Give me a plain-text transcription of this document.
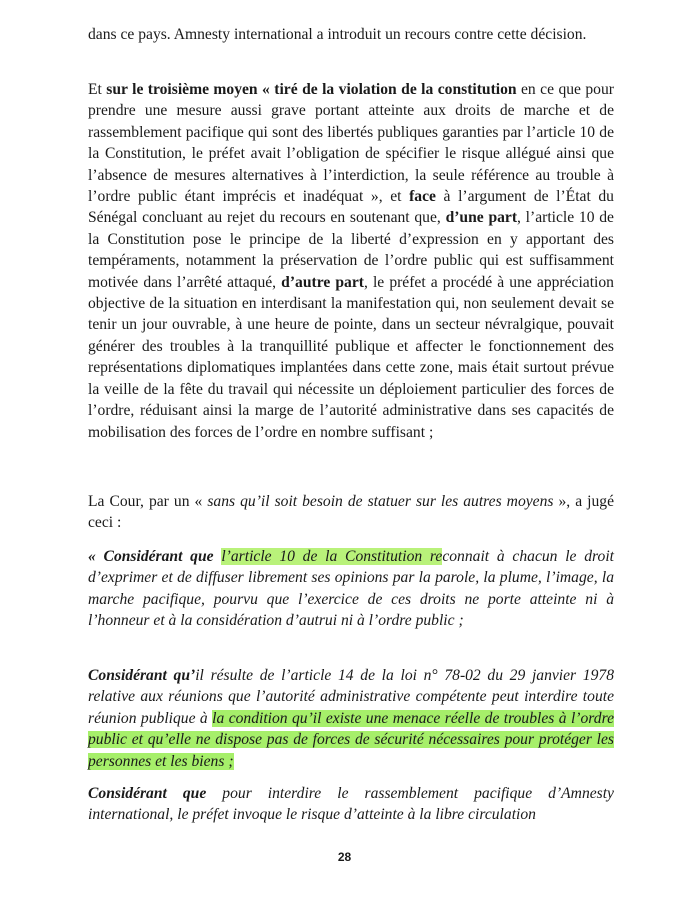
dans ce pays. Amnesty international a introduit un recours contre cette décision.

Et sur le troisième moyen « tiré de la violation de la constitution en ce que pour prendre une mesure aussi grave portant atteinte aux droits de marche et de rassemblement pacifique qui sont des libertés publiques garanties par l’article 10 de la Constitution, le préfet avait l’obligation de spécifier le risque allégué ainsi que l’absence de mesures alternatives à l’interdiction, la seule référence au trouble à l’ordre public étant imprécis et inadéquat », et face à l’argument de l’État du Sénégal concluant au rejet du recours en soutenant que, d’une part, l’article 10 de la Constitution pose le principe de la liberté d’expression en y apportant des tempéraments, notamment la préservation de l’ordre public qui est suffisamment motivée dans l’arrêté attaqué, d’autre part, le préfet a procédé à une appréciation objective de la situation en interdisant la manifestation qui, non seulement devait se tenir un jour ouvrable, à une heure de pointe, dans un secteur névralgique, pouvait générer des troubles à la tranquillité publique et affecter le fonctionnement des représentations diplomatiques implantées dans cette zone, mais était surtout prévue la veille de la fête du travail qui nécessite un déploiement particulier des forces de l’ordre, réduisant ainsi la marge de l’autorité administrative dans ses capacités de mobilisation des forces de l’ordre en nombre suffisant ;

La Cour, par un « sans qu’il soit besoin de statuer sur les autres moyens », a jugé ceci :

« Considérant que l’article 10 de la Constitution reconnait à chacun le droit d’exprimer et de diffuser librement ses opinions par la parole, la plume, l’image, la marche pacifique, pourvu que l’exercice de ces droits ne porte atteinte ni à l’honneur et à la considération d’autrui ni à l’ordre public ;

Considérant qu’il résulte de l’article 14 de la loi n° 78-02 du 29 janvier 1978 relative aux réunions que l’autorité administrative compétente peut interdire toute réunion publique à la condition qu’il existe une menace réelle de troubles à l’ordre public et qu’elle ne dispose pas de forces de sécurité nécessaires pour protéger les personnes et les biens ;

Considérant que pour interdire le rassemblement pacifique d’Amnesty international, le préfet invoque le risque d’atteinte à la libre circulation

28
